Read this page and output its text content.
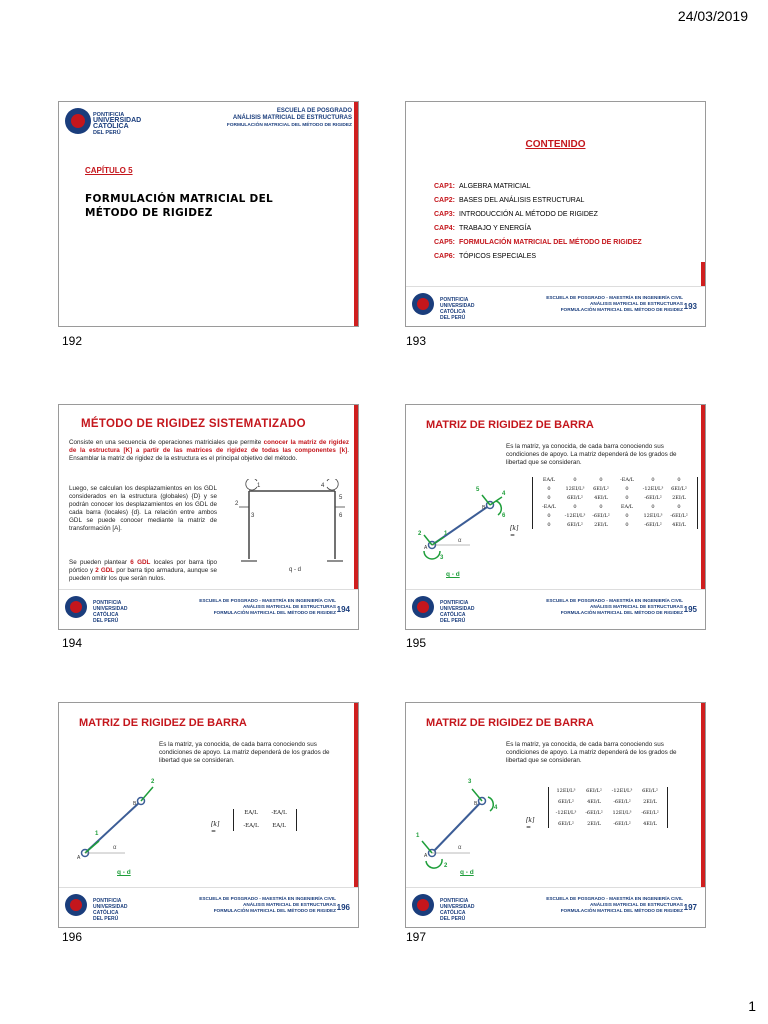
24/03/2019
1
PONTIFICIA
UNIVERSIDAD
CATÓLICA
DEL PERÚ
ESCUELA DE POSGRADO
ANÁLISIS MATRICIAL DE ESTRUCTURAS
FORMULACIÓN MATRICIAL DEL MÉTODO DE RIGIDEZ
CAPÍTULO 5
FORMULACIÓN MATRICIAL DEL
MÉTODO DE RIGIDEZ
192
CONTENIDO
CAP1: ALGEBRA MATRICIAL
CAP2: BASES DEL ANÁLISIS ESTRUCTURAL
CAP3: INTRODUCCIÓN AL MÉTODO DE RIGIDEZ
CAP4: TRABAJO Y ENERGÍA
CAP5: FORMULACIÓN MATRICIAL DEL MÉTODO DE RIGIDEZ
CAP6: TÓPICOS ESPECIALES
PONTIFICIA
UNIVERSIDAD
CATÓLICA
DEL PERÚ
ESCUELA DE POSGRADO - MAESTRÍA EN INGENIERÍA CIVIL
ANÁLISIS MATRICIAL DE ESTRUCTURAS
FORMULACIÓN MATRICIAL DEL MÉTODO DE RIGIDEZ 193
193
MÉTODO DE RIGIDEZ SISTEMATIZADO
Consiste en una secuencia de operaciones matriciales que permite conocer la matriz de rigidez de la estructura [K] a partir de las matrices de rigidez de todas las componentes [k]. Ensamblar la matriz de rigidez de la estructura es el principal objetivo del método.
Luego, se calculan los desplazamientos en los GDL considerados en la estructura (globales) {D} y se podrán conocer los desplazamientos en los GDL de cada barra (locales) {d}. La relación entre ambos GDL se puede conocer mediante la matriz de transformación [A].
Se pueden plantear 6 GDL locales por barra tipo pórtico y 2 GDL por barra tipo armadura, aunque se pueden omitir los que serán nulos.
1
2
3
4
5
6
q - d
PONTIFICIA
UNIVERSIDAD
CATÓLICA
DEL PERÚ
ESCUELA DE POSGRADO - MAESTRÍA EN INGENIERÍA CIVIL
ANÁLISIS MATRICIAL DE ESTRUCTURAS
FORMULACIÓN MATRICIAL DEL MÉTODO DE RIGIDEZ 194
194
MATRIZ DE RIGIDEZ DE BARRA
Es la matriz, ya conocida, de cada barra conociendo sus condiciones de apoyo. La matriz dependerá de los grados de libertad que se consideran.
α
A
B
1
2
3
4
5
6
q - d
[k] =
EA/L	0	0	-EA/L	0	0
0	12EI/L³	6EI/L²	0	-12EI/L³	6EI/L²
0	6EI/L²	4EI/L	0	-6EI/L²	2EI/L
-EA/L	0	0	EA/L	0	0
0	-12EI/L³	-6EI/L²	0	12EI/L³	-6EI/L²
0	6EI/L²	2EI/L	0	-6EI/L²	4EI/L
PONTIFICIA
UNIVERSIDAD
CATÓLICA
DEL PERÚ
ESCUELA DE POSGRADO - MAESTRÍA EN INGENIERÍA CIVIL
ANÁLISIS MATRICIAL DE ESTRUCTURAS
FORMULACIÓN MATRICIAL DEL MÉTODO DE RIGIDEZ 195
195
MATRIZ DE RIGIDEZ DE BARRA
Es la matriz, ya conocida, de cada barra conociendo sus condiciones de apoyo. La matriz dependerá de los grados de libertad que se consideran.
α
A
B
1
2
q - d
[k] =
EA/L	-EA/L
-EA/L	EA/L
PONTIFICIA
UNIVERSIDAD
CATÓLICA
DEL PERÚ
ESCUELA DE POSGRADO - MAESTRÍA EN INGENIERÍA CIVIL
ANÁLISIS MATRICIAL DE ESTRUCTURAS
FORMULACIÓN MATRICIAL DEL MÉTODO DE RIGIDEZ 196
196
MATRIZ DE RIGIDEZ DE BARRA
Es la matriz, ya conocida, de cada barra conociendo sus condiciones de apoyo. La matriz dependerá de los grados de libertad que se consideran.
α
A
B
1
2
3
4
q - d
[k] =
12EI/L³	6EI/L²	-12EI/L³	6EI/L²
6EI/L²	4EI/L	-6EI/L²	2EI/L
-12EI/L³	-6EI/L²	12EI/L³	-6EI/L²
6EI/L²	2EI/L	-6EI/L²	4EI/L
PONTIFICIA
UNIVERSIDAD
CATÓLICA
DEL PERÚ
ESCUELA DE POSGRADO - MAESTRÍA EN INGENIERÍA CIVIL
ANÁLISIS MATRICIAL DE ESTRUCTURAS
FORMULACIÓN MATRICIAL DEL MÉTODO DE RIGIDEZ 197
197
